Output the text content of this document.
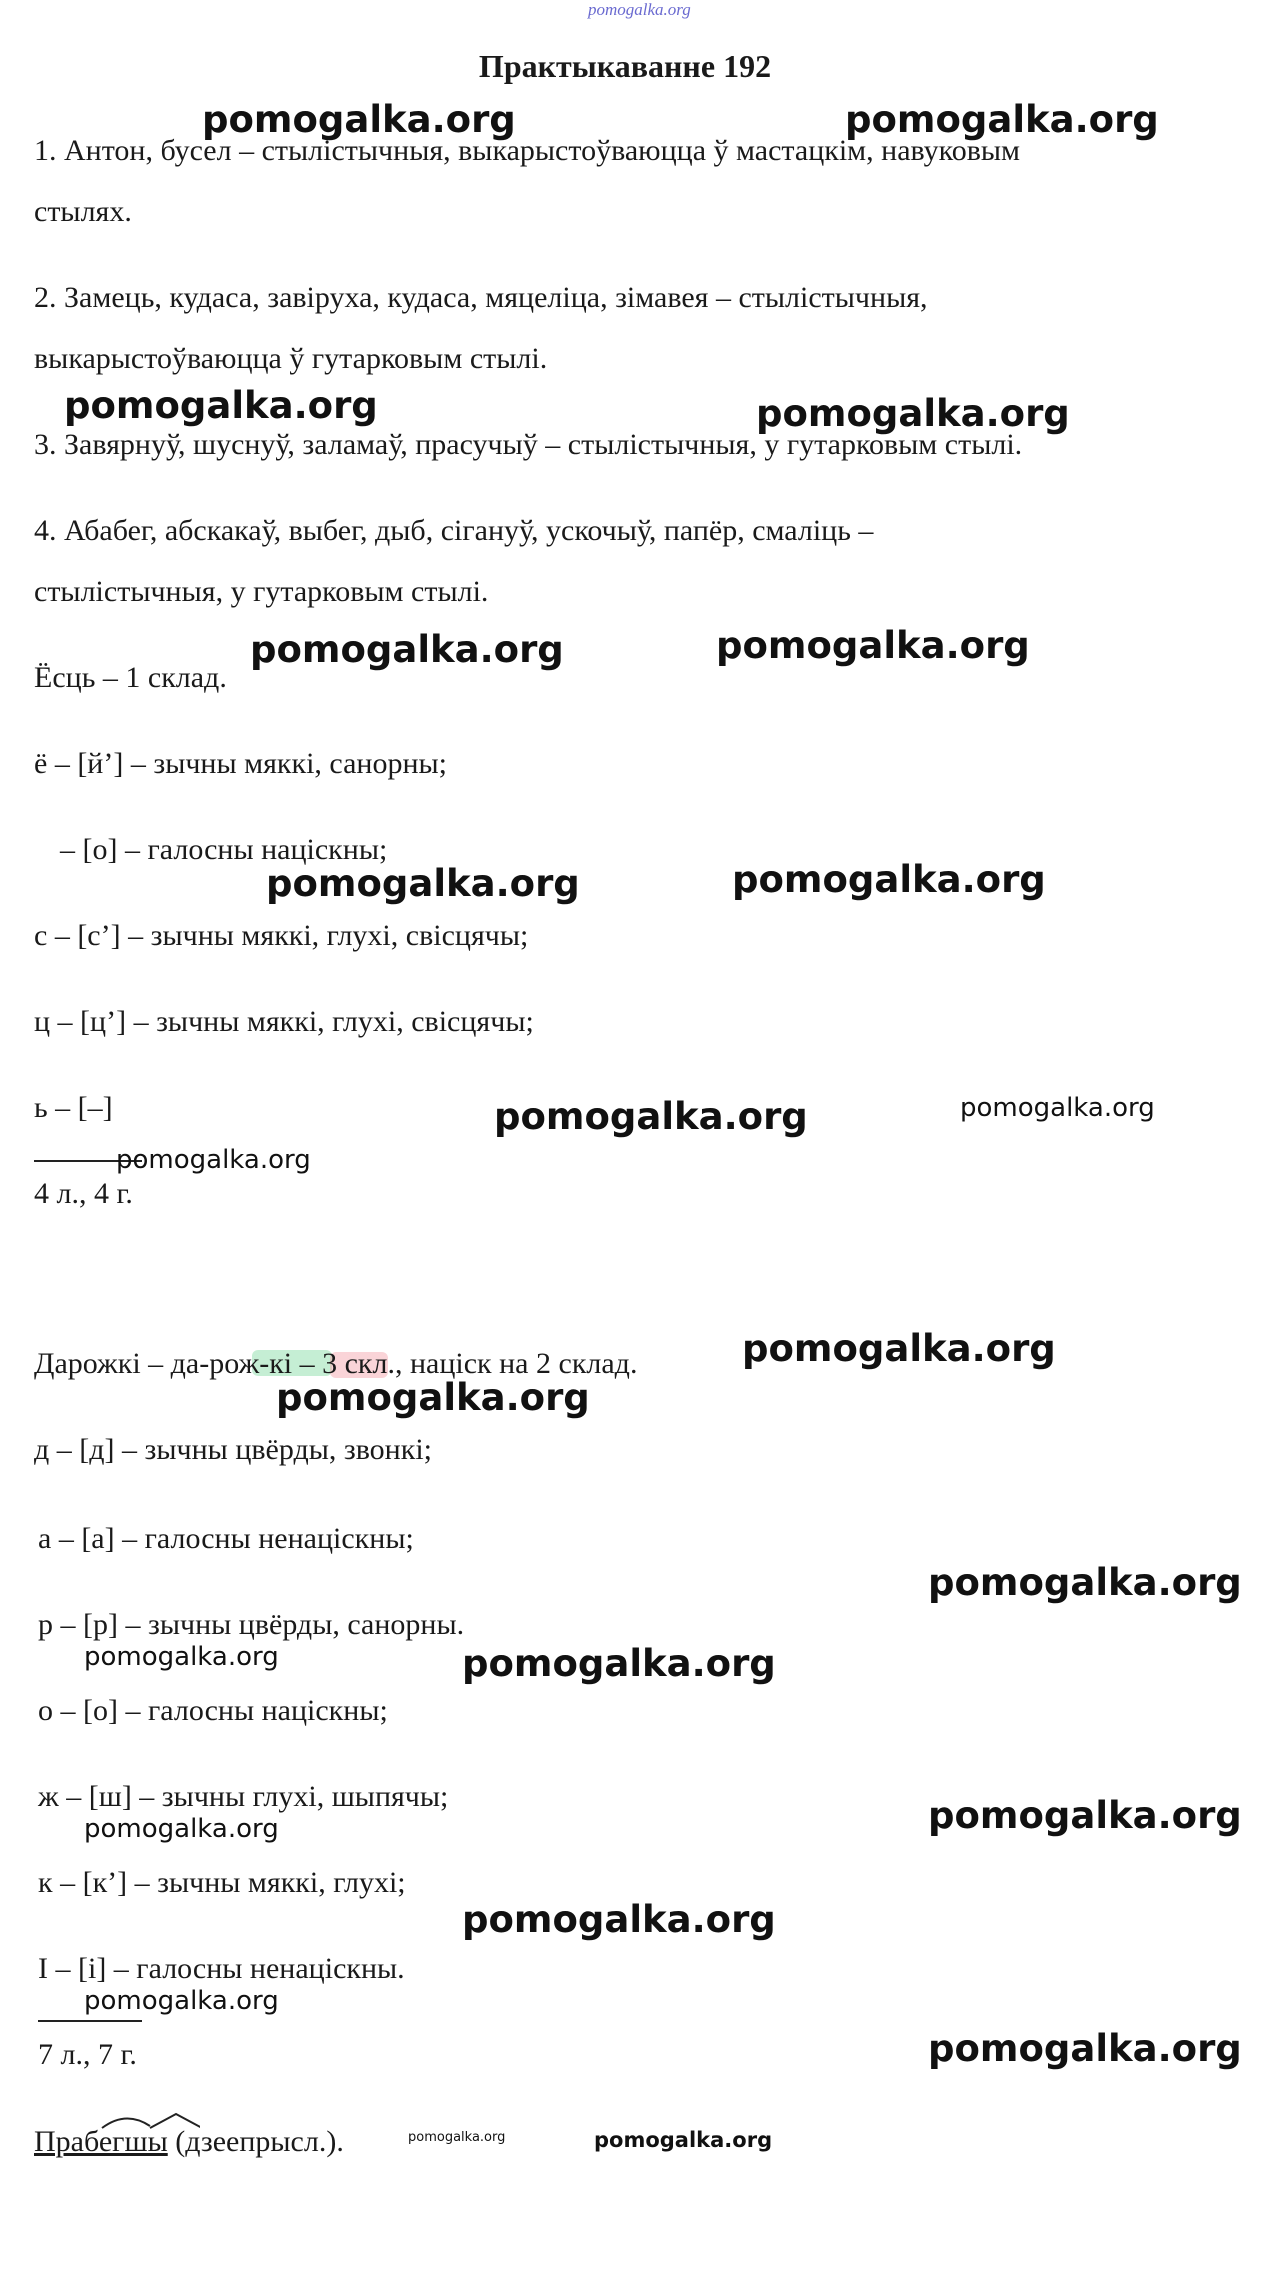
pomogalka.org
Практыкаванне 192
1. Антон, бусел – стылістычныя, выкарыстоўваюцца ў мастацкім, навуковым
стылях.
2. Замець, кудаса, завіруха, кудаса, мяцеліца, зімавея – стылістычныя,
выкарыстоўваюцца ў гутарковым стылі.
3. Завярнуў, шуснуў, заламаў, прасучыў – стылістычныя, у гутарковым стылі.
4. Абабег, абскакаў, выбег, дыб, сігануў, ускочыў, папёр, смаліць –
стылістычныя, у гутарковым стылі.
Ёсць – 1 склад.
ё – [й’] – зычны мяккі, санорны;
– [о] – галосны націскны;
с – [с’] – зычны мяккі, глухі, свісцячы;
ц – [ц’] – зычны мяккі, глухі, свісцячы;
ь – [–]
4 л., 4 г.
Дарожкі – да-рож-кі – 3 скл., націск на 2 склад.
д – [д] – зычны цвёрды, звонкі;
а – [а] – галосны ненаціскны;
р – [р] – зычны цвёрды, санорны.
о – [о] – галосны націскны;
ж – [ш] – зычны глухі, шыпячы;
к – [к’] – зычны мяккі, глухі;
І – [і] – галосны ненаціскны.
7 л., 7 г.
Прабегшы (дзеепрысл.).
pomogalka.org	pomogalka.org
pomogalka.org	pomogalka.org
pomogalka.org	pomogalka.org
pomogalka.org	pomogalka.org
pomogalka.org	pomogalka.org
pomogalka.org
pomogalka.org
pomogalka.org
pomogalka.org
pomogalka.org	pomogalka.org
pomogalka.org
pomogalka.org
pomogalka.org
pomogalka.org
pomogalka.org
pomogalka.org	pomogalka.org
